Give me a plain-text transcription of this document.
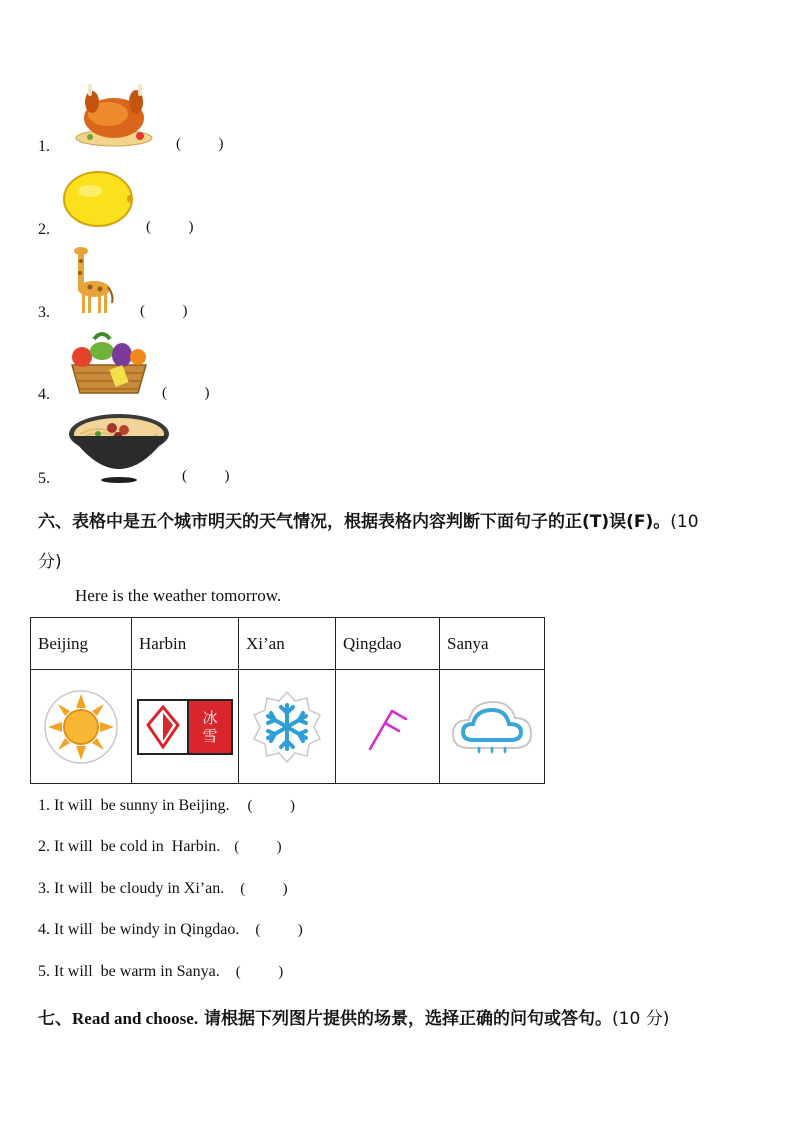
1.	(          )
2.	(          )
3.	(          )
4.	(          )
5.	(          )
六、表格中是五个城市明天的天气情况，根据表格内容判断下面句子的正(T)误(F)。(10
分)
Here is the weather tomorrow.
Beijing	Harbin	Xi’an	Qingdao	Sanya

冰
雪

1. It will  be sunny in Beijing. (          )
2. It will  be cold in  Harbin. (          )
3. It will  be cloudy in Xi’an. (          )
4. It will  be windy in Qingdao. (          )
5. It will  be warm in Sanya. (          )
七、Read and choose. 请根据下列图片提供的场景，选择正确的问句或答句。(10 分)
